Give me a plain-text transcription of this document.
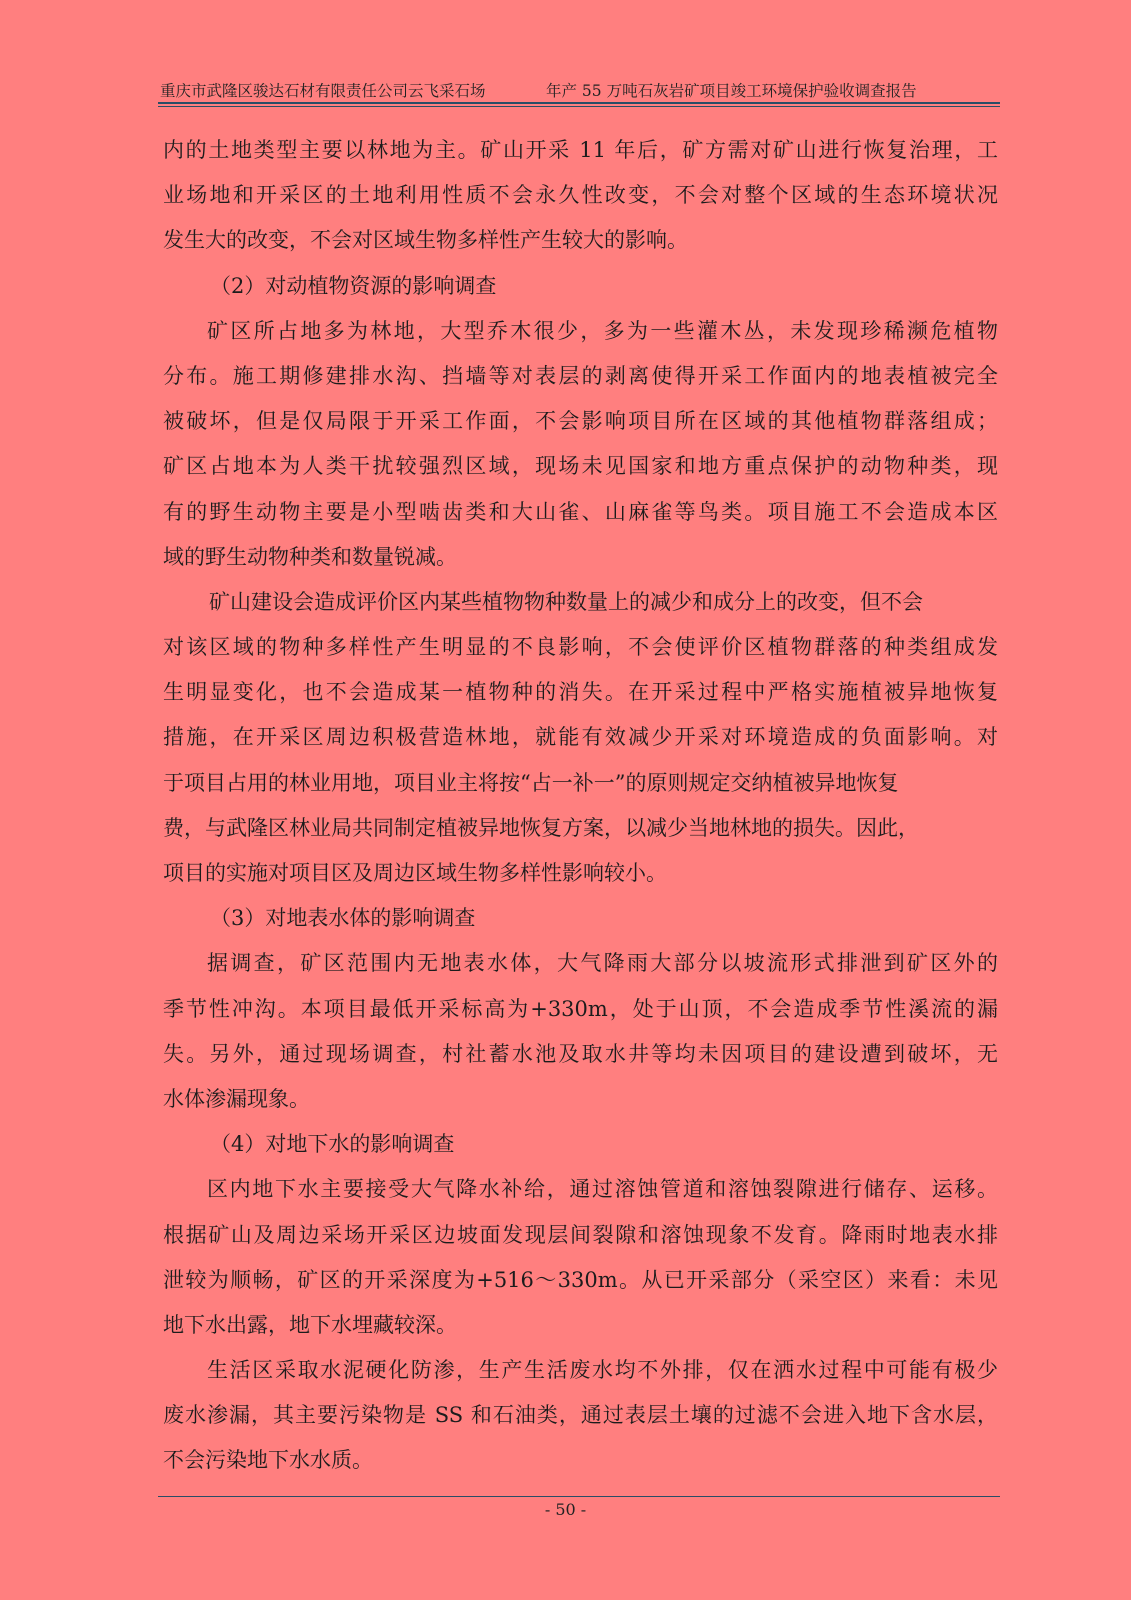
重庆市武隆区骏达石材有限责任公司云飞采石场	年产 55 万吨石灰岩矿项目竣工环境保护验收调查报告
内的土地类型主要以林地为主。矿山开采 11 年后，矿方需对矿山进行恢复治理，工
业场地和开采区的土地利用性质不会永久性改变，不会对整个区域的生态环境状况
发生大的改变，不会对区域生物多样性产生较大的影响。
（2）对动植物资源的影响调查
矿区所占地多为林地，大型乔木很少，多为一些灌木丛，未发现珍稀濒危植物
分布。施工期修建排水沟、挡墙等对表层的剥离使得开采工作面内的地表植被完全
被破坏，但是仅局限于开采工作面，不会影响项目所在区域的其他植物群落组成；
矿区占地本为人类干扰较强烈区域，现场未见国家和地方重点保护的动物种类，现
有的野生动物主要是小型啮齿类和大山雀、山麻雀等鸟类。项目施工不会造成本区
域的野生动物种类和数量锐减。
矿山建设会造成评价区内某些植物物种数量上的减少和成分上的改变，但不会
对该区域的物种多样性产生明显的不良影响，不会使评价区植物群落的种类组成发
生明显变化，也不会造成某一植物种的消失。在开采过程中严格实施植被异地恢复
措施，在开采区周边积极营造林地，就能有效减少开采对环境造成的负面影响。对
于项目占用的林业用地，项目业主将按“占一补一”的原则规定交纳植被异地恢复
费，与武隆区林业局共同制定植被异地恢复方案，以减少当地林地的损失。因此，
项目的实施对项目区及周边区域生物多样性影响较小。
（3）对地表水体的影响调查
据调查，矿区范围内无地表水体，大气降雨大部分以坡流形式排泄到矿区外的
季节性冲沟。本项目最低开采标高为+330m，处于山顶，不会造成季节性溪流的漏
失。另外，通过现场调查，村社蓄水池及取水井等均未因项目的建设遭到破坏，无
水体渗漏现象。
（4）对地下水的影响调查
区内地下水主要接受大气降水补给，通过溶蚀管道和溶蚀裂隙进行储存、运移。
根据矿山及周边采场开采区边坡面发现层间裂隙和溶蚀现象不发育。降雨时地表水排
泄较为顺畅，矿区的开采深度为+516～330m。从已开采部分（采空区）来看：未见
地下水出露，地下水埋藏较深。
生活区采取水泥硬化防渗，生产生活废水均不外排，仅在洒水过程中可能有极少
废水渗漏，其主要污染物是 SS 和石油类，通过表层土壤的过滤不会进入地下含水层，
不会污染地下水水质。
- 50 -
